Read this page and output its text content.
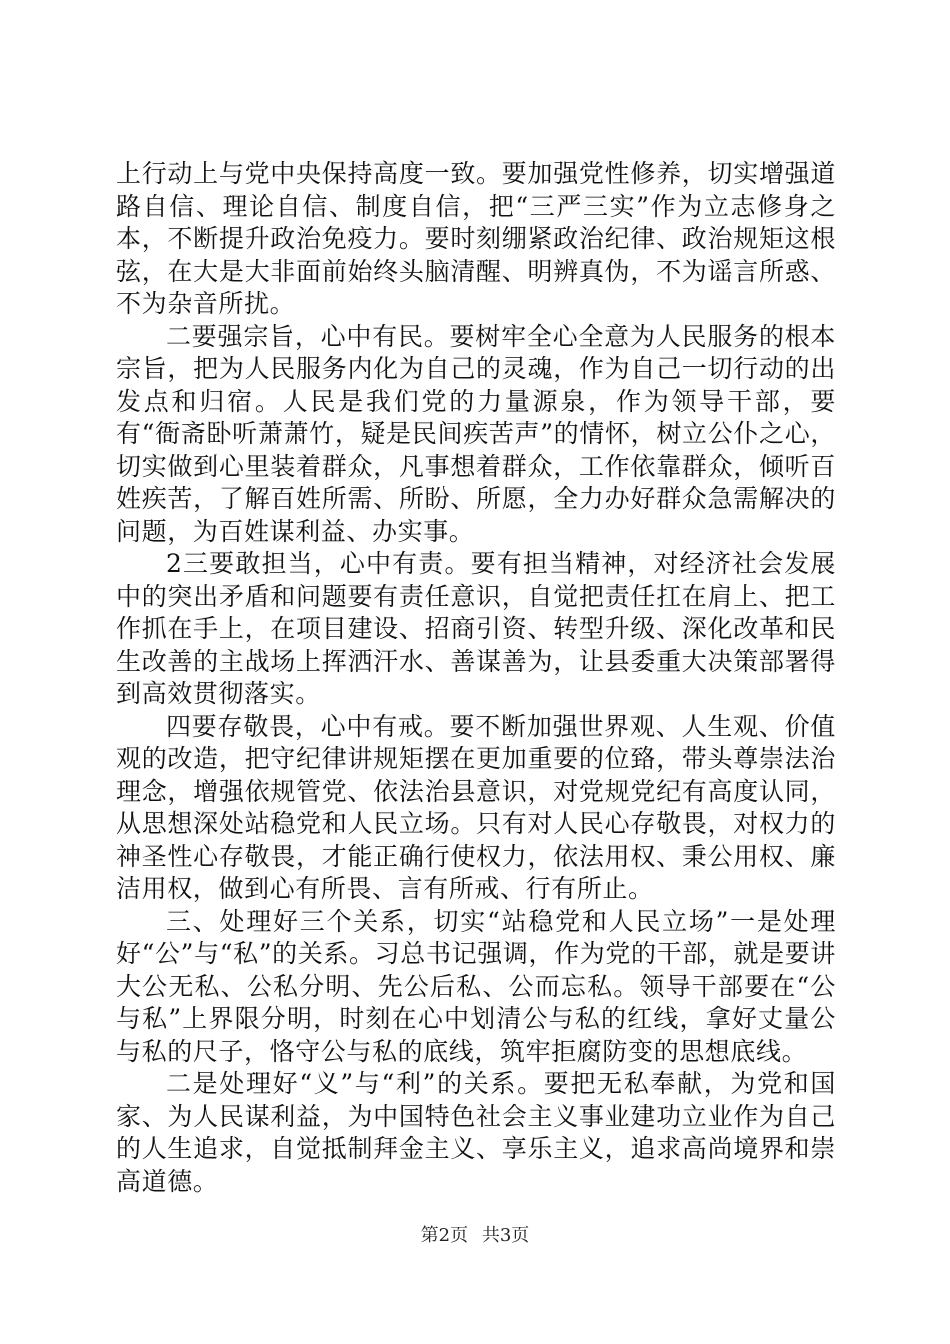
上行动上与党中央保持高度一致。要加强党性修养，切实增强道路自信、理论自信、制度自信，把“三严三实”作为立志修身之本，不断提升政治免疫力。要时刻绷紧政治纪律、政治规矩这根弦，在大是大非面前始终头脑清醒、明辨真伪，不为谣言所惑、不为杂音所扰。

二要强宗旨，心中有民。要树牢全心全意为人民服务的根本宗旨，把为人民服务内化为自己的灵魂，作为自己一切行动的出发点和归宿。人民是我们党的力量源泉，作为领导干部，要有“衙斋卧听萧萧竹，疑是民间疾苦声”的情怀，树立公仆之心，切实做到心里装着群众，凡事想着群众，工作依靠群众，倾听百姓疾苦，了解百姓所需、所盼、所愿，全力办好群众急需解决的问题，为百姓谋利益、办实事。

2三要敢担当，心中有责。要有担当精神，对经济社会发展中的突出矛盾和问题要有责任意识，自觉把责任扛在肩上、把工作抓在手上，在项目建设、招商引资、转型升级、深化改革和民生改善的主战场上挥洒汗水、善谋善为，让县委重大决策部署得到高效贯彻落实。

四要存敬畏，心中有戒。要不断加强世界观、人生观、价值观的改造，把守纪律讲规矩摆在更加重要的位臵，带头尊崇法治理念，增强依规管党、依法治县意识，对党规党纪有高度认同，从思想深处站稳党和人民立场。只有对人民心存敬畏，对权力的神圣性心存敬畏，才能正确行使权力，依法用权、秉公用权、廉洁用权，做到心有所畏、言有所戒、行有所止。

三、处理好三个关系，切实“站稳党和人民立场”一是处理好“公”与“私”的关系。习总书记强调，作为党的干部，就是要讲大公无私、公私分明、先公后私、公而忘私。领导干部要在“公与私”上界限分明，时刻在心中划清公与私的红线，拿好丈量公与私的尺子，恪守公与私的底线，筑牢拒腐防变的思想底线。

二是处理好“义”与“利”的关系。要把无私奉献，为党和国家、为人民谋利益，为中国特色社会主义事业建功立业作为自己的人生追求，自觉抵制拜金主义、享乐主义，追求高尚境界和崇高道德。

第2页 共3页
